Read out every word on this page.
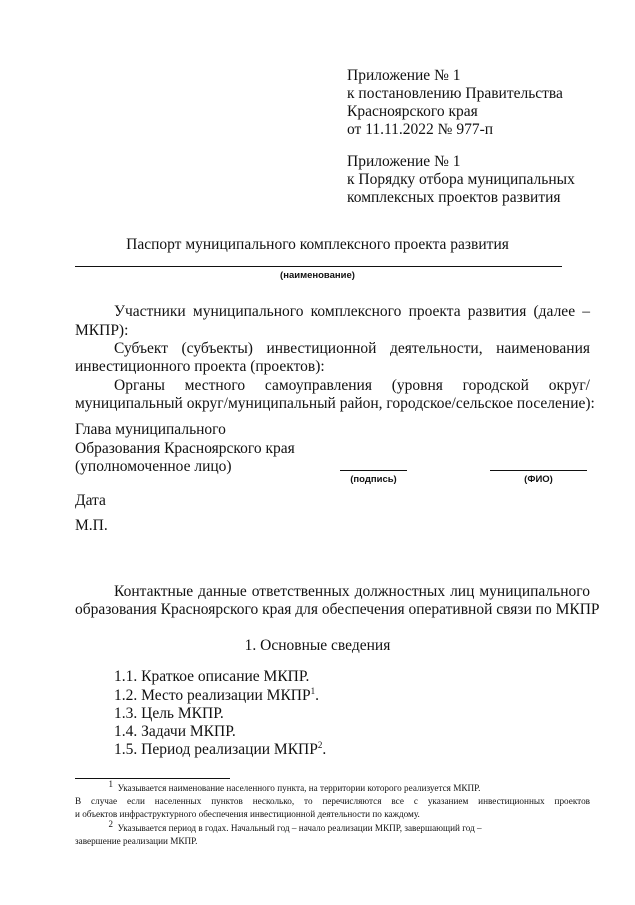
Приложение № 1
к постановлению Правительства
Красноярского края
от 11.11.2022 № 977-п
Приложение № 1
к Порядку отбора муниципальных
комплексных проектов развития
Паспорт муниципального комплексного проекта развития
(наименование)
Участники муниципального комплексного проекта развития (далее –
МКПР):
Субъект (субъекты) инвестиционной деятельности, наименования
инвестиционного проекта (проектов):
Органы местного самоуправления (уровня городской округ/
муниципальный округ/муниципальный район, городское/сельское поселение):
Глава муниципального
Образования Красноярского края
(уполномоченное лицо)
(подпись)	(ФИО)
Дата
М.П.
Контактные данные ответственных должностных лиц муниципального
образования Красноярского края для обеспечения оперативной связи по МКПР
1. Основные сведения
1.1. Краткое описание МКПР.
1.2. Место реализации МКПР$^1$.
1.3. Цель МКПР.
1.4. Задачи МКПР.
1.5. Период реализации МКПР$^2$.
$^1$ Указывается наименование населенного пункта, на территории которого реализуется МКПР.
В случае если населенных пунктов несколько, то перечисляются все с указанием инвестиционных проектов
и объектов инфраструктурного обеспечения инвестиционной деятельности по каждому.
$^2$ Указывается период в годах. Начальный год – начало реализации МКПР, завершающий год –
завершение реализации МКПР.
